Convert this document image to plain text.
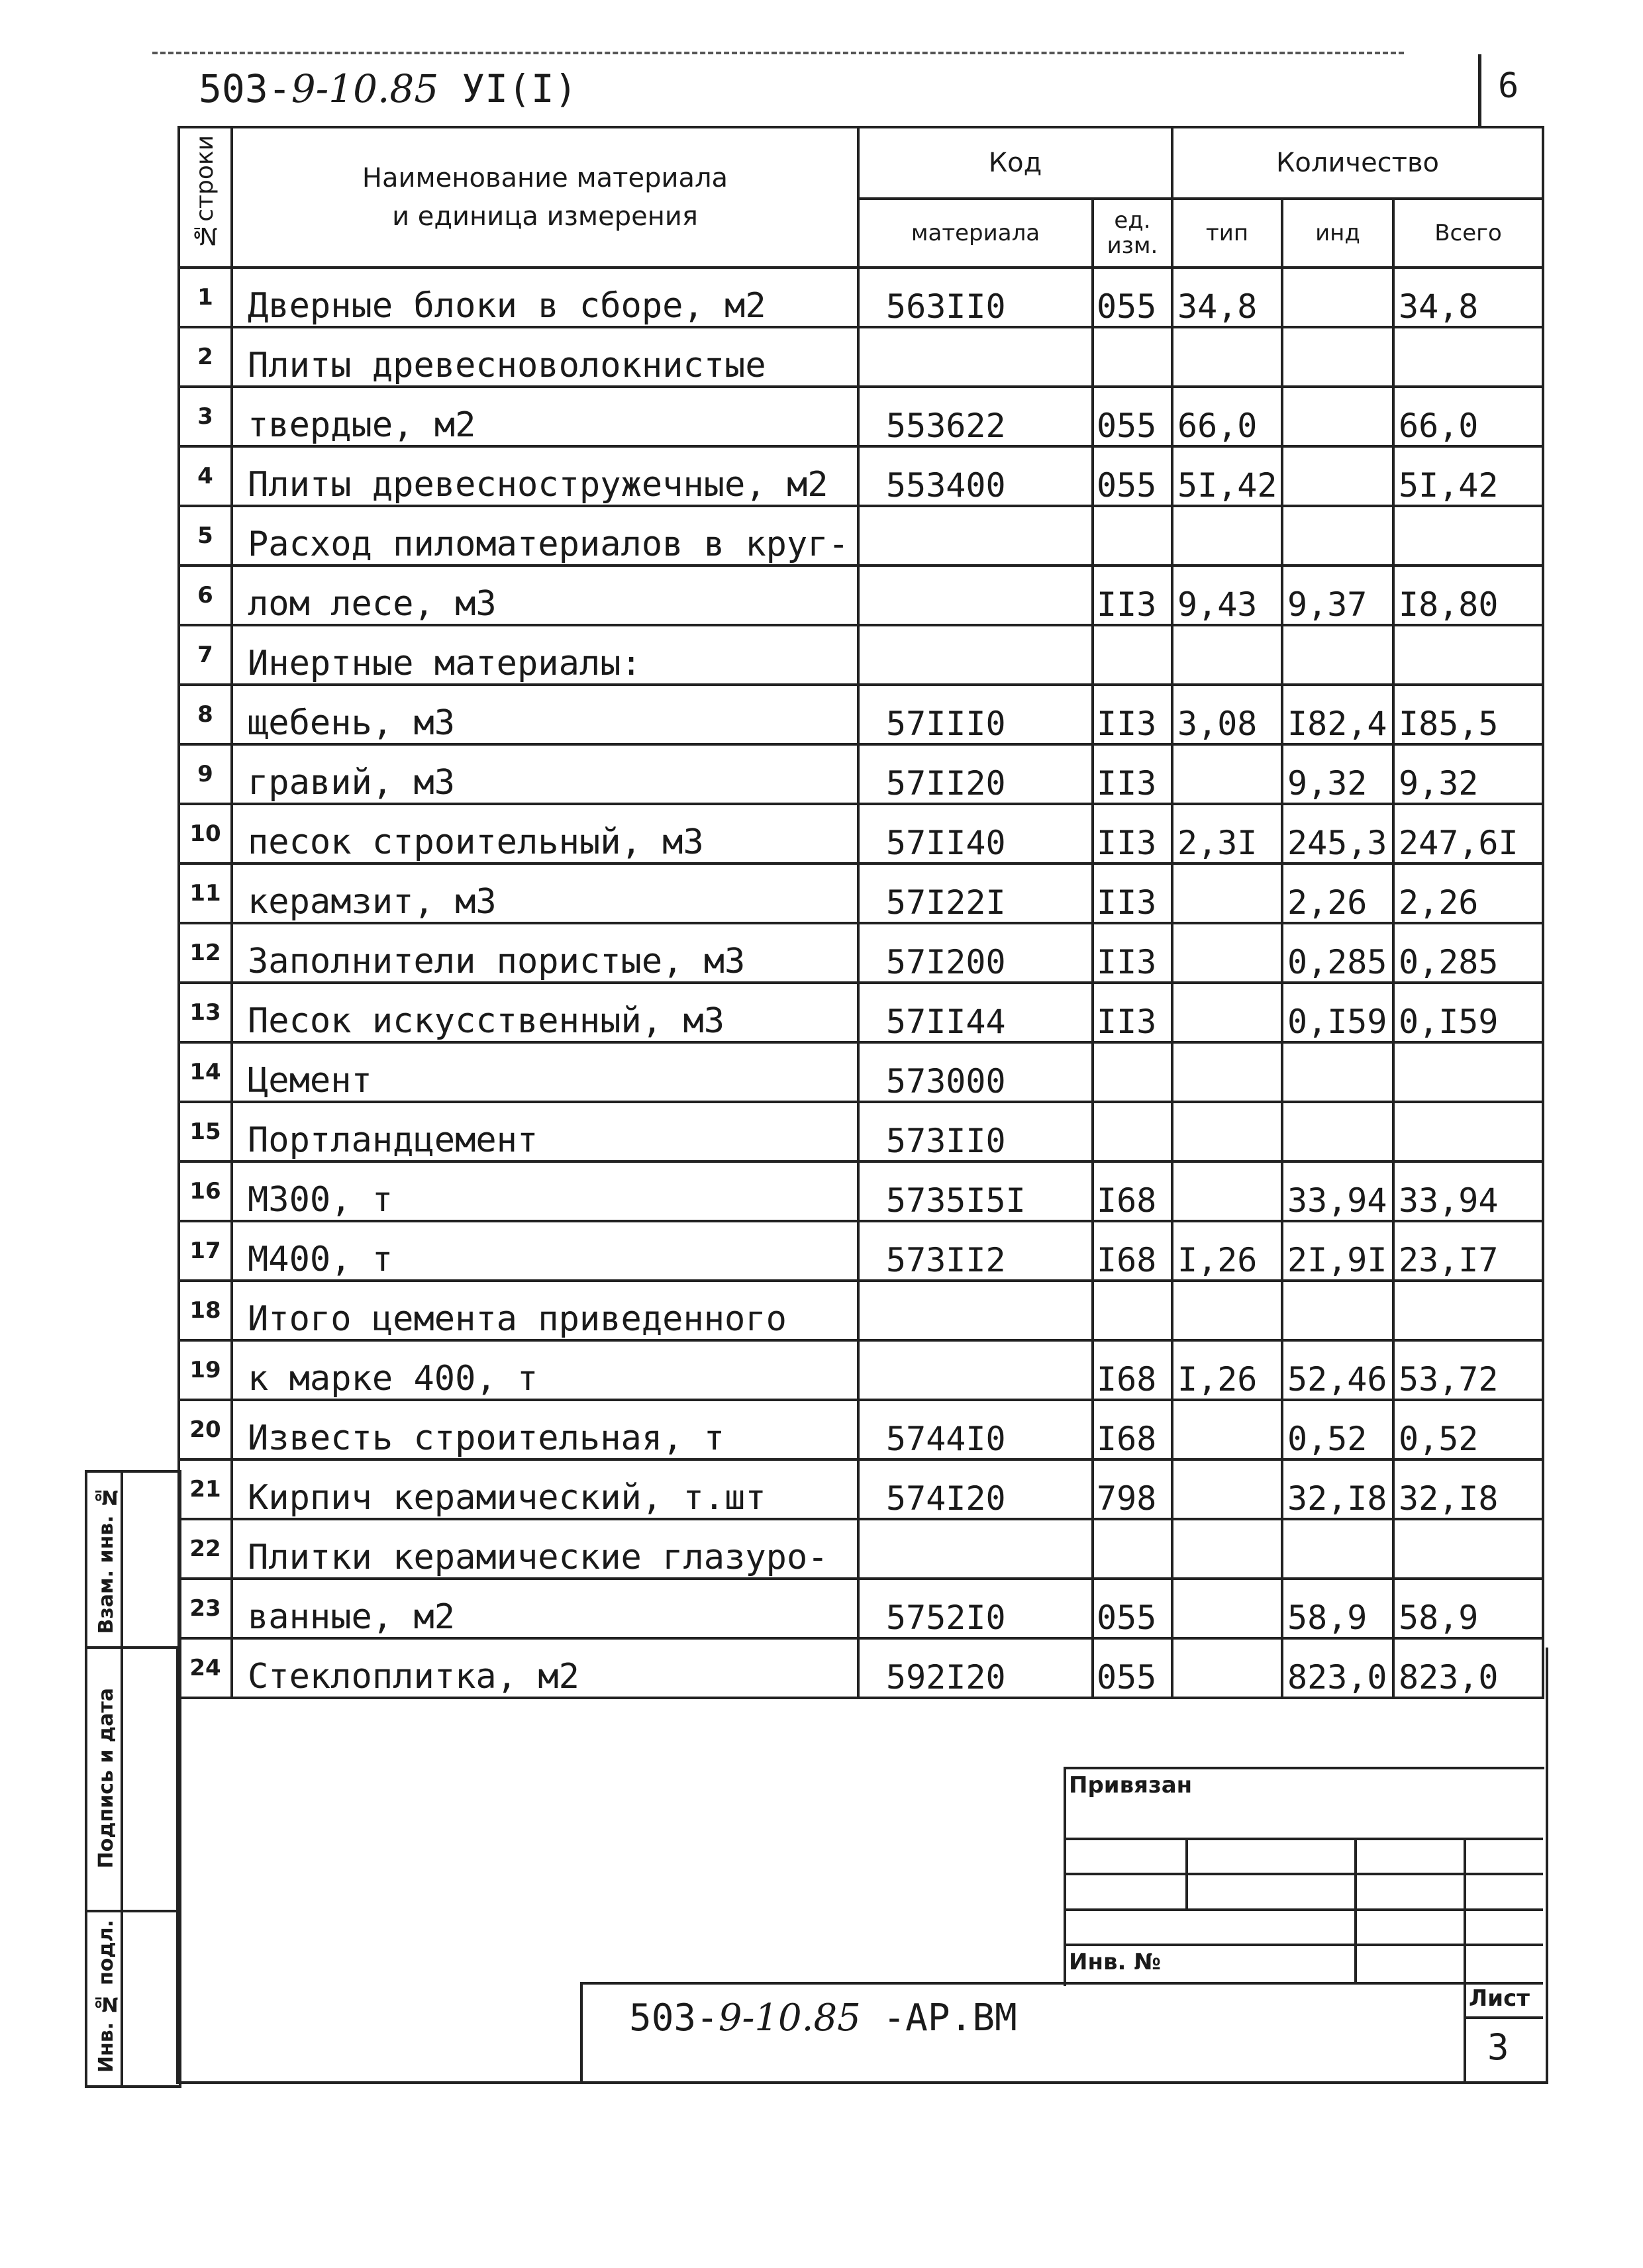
503-9-10.85 УI(I)	6
№строки	Наименование материала
и единица измерения	Код		Количество		
		материала	ед. изм.	тип	инд	Всего
1	Дверные блоки в сборе, м2	563II0	055	34,8		34,8
2	Плиты древесноволокнистые					
3	твердые, м2	553622	055	66,0		66,0
4	Плиты древесностружечные, м2	553400	055	5I,42		5I,42
5	Расход пиломатериалов в круг-					
6	лом лесе, м3		II3	9,43	9,37	I8,80
7	Инертные материалы:					
8	щебень, м3	57III0	II3	3,08	I82,4	I85,5
9	гравий, м3	57II20	II3		9,32	9,32
10	песок строительный, м3	57II40	II3	2,3I	245,3	247,6I
11	керамзит, м3	57I22I	II3		2,26	2,26
12	Заполнители пористые, м3	57I200	II3		0,285	0,285
13	Песок искусственный, м3	57II44	II3		0,I59	0,I59
14	Цемент	573000				
15	Портландцемент	573II0				
16	М300, т	5735I5I	I68		33,94	33,94
17	М400, т	573II2	I68	I,26	2I,9I	23,I7
18	Итого цемента приведенного					
19	к марке 400, т		I68	I,26	52,46	53,72
20	Известь строительная, т	5744I0	I68		0,52	0,52
21	Кирпич керамический, т.шт	574I20	798		32,I8	32,I8
22	Плитки керамические глазуро-					
23	ванные, м2	5752I0	055		58,9	58,9
24	Стеклоплитка, м2	592I20	055		823,0	823,0
Взам. инв. №
Подпись и дата
Инв. № подл.
Привязан
Инв. №
503-9-10.85 -АР.ВМ	Лист
3
